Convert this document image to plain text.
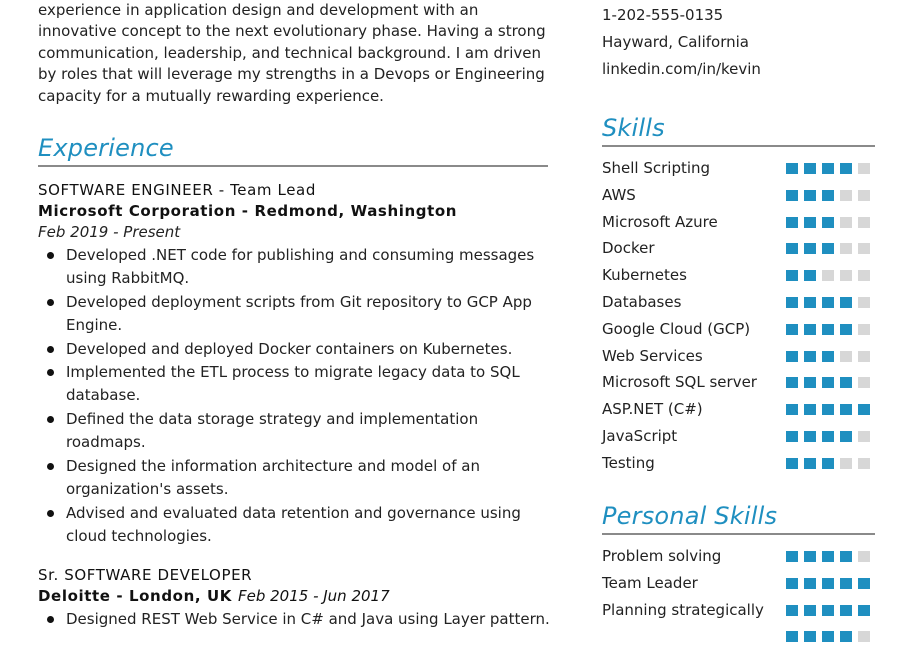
experience in application design and development with an
innovative concept to the next evolutionary phase. Having a strong
communication, leadership, and technical background. I am driven
by roles that will leverage my strengths in a Devops or Engineering
capacity for a mutually rewarding experience.
Experience
SOFTWARE ENGINEER - Team Lead
Microsoft Corporation - Redmond, Washington
Feb 2019 - Present
Developed .NET code for publishing and consuming messages
using RabbitMQ.
Developed deployment scripts from Git repository to GCP App
Engine.
Developed and deployed Docker containers on Kubernetes.
Implemented the ETL process to migrate legacy data to SQL
database.
Defined the data storage strategy and implementation
roadmaps.
Designed the information architecture and model of an
organization's assets.
Advised and evaluated data retention and governance using
cloud technologies.
Sr. SOFTWARE DEVELOPER
Deloitte - London, UK Feb 2015 - Jun 2017
Designed REST Web Service in C# and Java using Layer pattern.
1-202-555-0135
Hayward, California
linkedin.com/in/kevin
Skills
Shell Scripting
AWS
Microsoft Azure
Docker
Kubernetes
Databases
Google Cloud (GCP)
Web Services
Microsoft SQL server
ASP.NET (C#)
JavaScript
Testing
Personal Skills
Problem solving
Team Leader
Planning strategically
